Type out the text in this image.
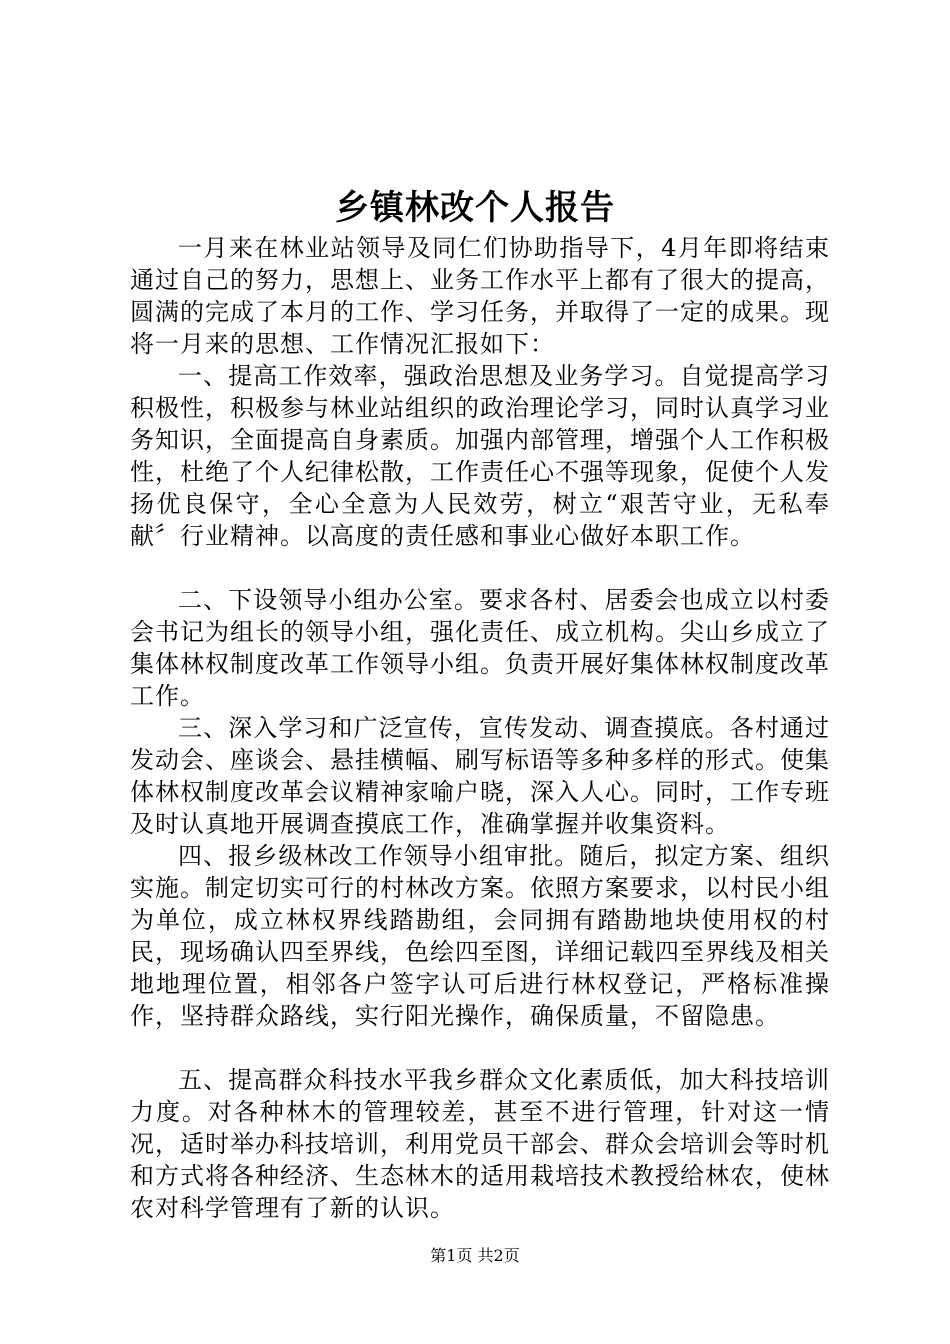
乡镇林改个人报告

一月来在林业站领导及同仁们协助指导下，4月年即将结束通过自己的努力，思想上、业务工作水平上都有了很大的提高，圆满的完成了本月的工作、学习任务，并取得了一定的成果。现将一月来的思想、工作情况汇报如下：

一、提高工作效率，强政治思想及业务学习。自觉提高学习积极性，积极参与林业站组织的政治理论学习，同时认真学习业务知识，全面提高自身素质。加强内部管理，增强个人工作积极性，杜绝了个人纪律松散，工作责任心不强等现象，促使个人发扬优良保守，全心全意为人民效劳，树立“艰苦守业，无私奉献〞行业精神。以高度的责任感和事业心做好本职工作。

二、下设领导小组办公室。要求各村、居委会也成立以村委会书记为组长的领导小组，强化责任、成立机构。尖山乡成立了集体林权制度改革工作领导小组。负责开展好集体林权制度改革工作。

三、深入学习和广泛宣传，宣传发动、调查摸底。各村通过发动会、座谈会、悬挂横幅、刷写标语等多种多样的形式。使集体林权制度改革会议精神家喻户晓，深入人心。同时，工作专班及时认真地开展调查摸底工作，准确掌握并收集资料。

四、报乡级林改工作领导小组审批。随后，拟定方案、组织实施。制定切实可行的村林改方案。依照方案要求，以村民小组为单位，成立林权界线踏勘组，会同拥有踏勘地块使用权的村民，现场确认四至界线，色绘四至图，详细记载四至界线及相关地地理位置，相邻各户签字认可后进行林权登记，严格标准操作，坚持群众路线，实行阳光操作，确保质量，不留隐患。

五、提高群众科技水平我乡群众文化素质低，加大科技培训力度。对各种林木的管理较差，甚至不进行管理，针对这一情况，适时举办科技培训，利用党员干部会、群众会培训会等时机和方式将各种经济、生态林木的适用栽培技术教授给林农，使林农对科学管理有了新的认识。

第1页 共2页
